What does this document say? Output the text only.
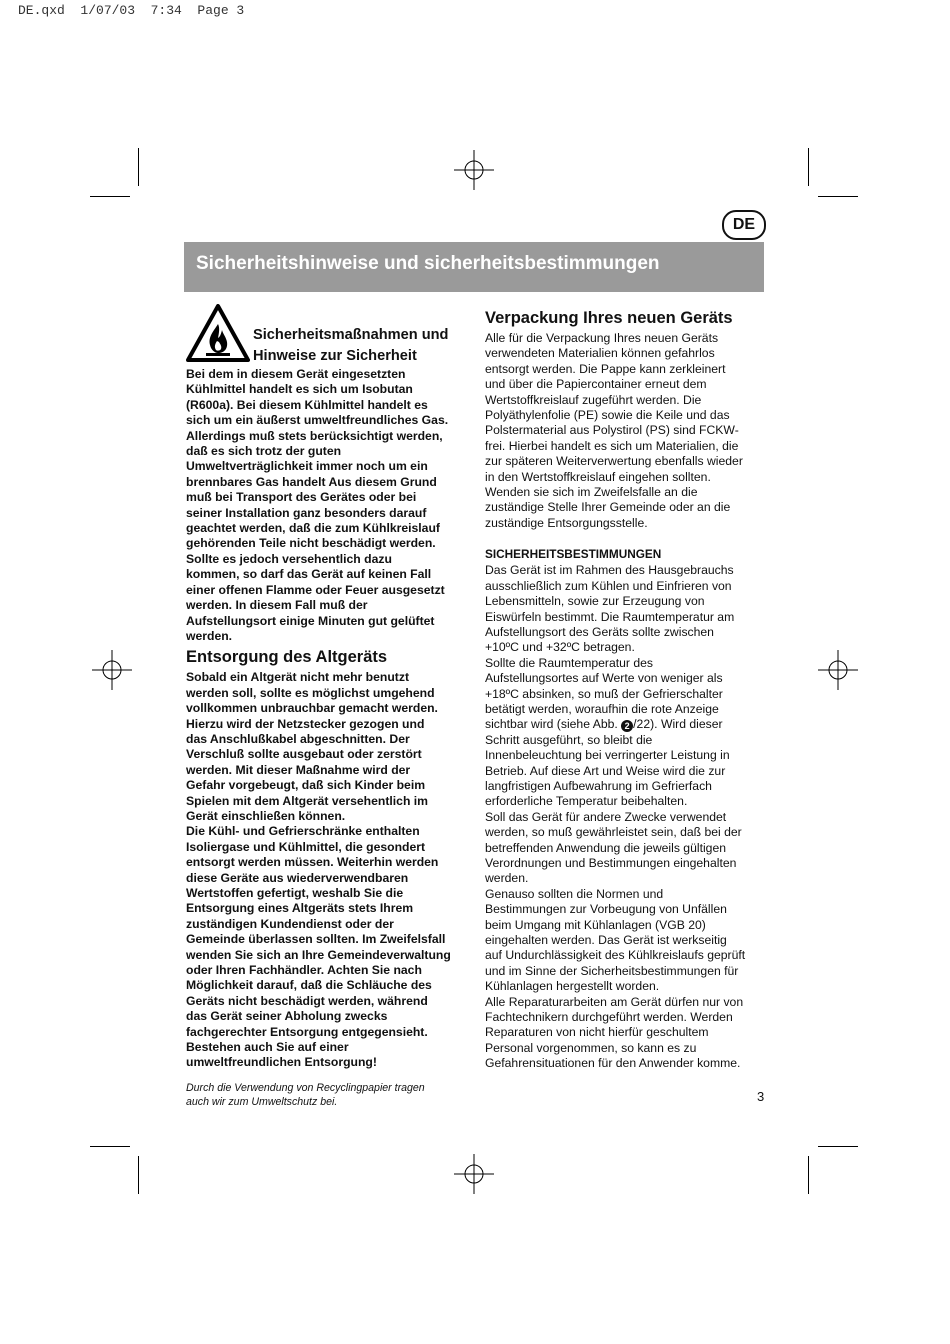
DE.qxd  1/07/03  7:34  Page 3
DE
Sicherheitshinweise und sicherheitsbestimmungen
Sicherheitsmaßnahmen und Hinweise zur Sicherheit

Bei dem in diesem Gerät eingesetzten
Kühlmittel handelt es sich um Isobutan
(R600a). Bei diesem Kühlmittel handelt es
sich um ein äußerst umweltfreundliches Gas.
Allerdings muß stets berücksichtigt werden,
daß es sich trotz der guten
Umweltverträglichkeit immer noch um ein
brennbares Gas handelt Aus diesem Grund
muß bei Transport des Gerätes oder bei
seiner Installation ganz besonders darauf
geachtet werden, daß die zum Kühlkreislauf
gehörenden Teile nicht beschädigt werden.
Sollte es jedoch versehentlich dazu
kommen, so darf das Gerät auf keinen Fall
einer offenen Flamme oder Feuer ausgesetzt
werden. In diesem Fall muß der
Aufstellungsort einige Minuten gut gelüftet
werden.

Entsorgung des Altgeräts

Sobald ein Altgerät nicht mehr benutzt
werden soll, sollte es möglichst umgehend
vollkommen unbrauchbar gemacht werden.
Hierzu wird der Netzstecker gezogen und
das Anschlußkabel abgeschnitten. Der
Verschluß sollte ausgebaut oder zerstört
werden. Mit dieser Maßnahme wird der
Gefahr vorgebeugt, daß sich Kinder beim
Spielen mit dem Altgerät versehentlich im
Gerät einschließen können.
Die Kühl- und Gefrierschränke enthalten
Isoliergase und Kühlmittel, die gesondert
entsorgt werden müssen. Weiterhin werden
diese Geräte aus wiederverwendbaren
Wertstoffen gefertigt, weshalb Sie die
Entsorgung eines Altgeräts stets Ihrem
zuständigen Kundendienst oder der
Gemeinde überlassen sollten. Im Zweifelsfall
wenden Sie sich an Ihre Gemeindeverwaltung
oder Ihren Fachhändler. Achten Sie nach
Möglichkeit darauf, daß die Schläuche des
Geräts nicht beschädigt werden, während
das Gerät seiner Abholung zwecks
fachgerechter Entsorgung entgegensieht.
Bestehen auch Sie auf einer
umweltfreundlichen Entsorgung!

Durch die Verwendung von Recyclingpapier tragen
auch wir zum Umweltschutz bei.
Verpackung Ihres neuen Geräts

Alle für die Verpackung Ihres neuen Geräts
verwendeten Materialien können gefahrlos
entsorgt werden. Die Pappe kann zerkleinert
und über die Papiercontainer erneut dem
Wertstoffkreislauf zugeführt werden. Die
Polyäthylenfolie (PE) sowie die Keile und das
Polstermaterial aus Polystirol (PS) sind FCKW-
frei. Hierbei handelt es sich um Materialien, die
zur späteren Weiterverwertung ebenfalls wieder
in den Wertstoffkreislauf eingehen sollten.
Wenden sie sich im Zweifelsfalle an die
zuständige Stelle Ihrer Gemeinde oder an die
zuständige Entsorgungsstelle.

SICHERHEITSBESTIMMUNGEN

Das Gerät ist im Rahmen des Hausgebrauchs
ausschließlich zum Kühlen und Einfrieren von
Lebensmitteln, sowie zur Erzeugung von
Eiswürfeln bestimmt. Die Raumtemperatur am
Aufstellungsort des Geräts sollte zwischen
+10ºC und +32ºC betragen.
Sollte die Raumtemperatur des
Aufstellungsortes auf Werte von weniger als
+18ºC absinken, so muß der Gefrierschalter
betätigt werden, woraufhin die rote Anzeige
sichtbar wird (siehe Abb. 2 /22). Wird dieser
Schritt ausgeführt, so bleibt die
Innenbeleuchtung bei verringerter Leistung in
Betrieb. Auf diese Art und Weise wird die zur
langfristigen Aufbewahrung im Gefrierfach
erforderliche Temperatur beibehalten.
Soll das Gerät für andere Zwecke verwendet
werden, so muß gewährleistet sein, daß bei der
betreffenden Anwendung die jeweils gültigen
Verordnungen und Bestimmungen eingehalten
werden.
Genauso sollten die Normen und
Bestimmungen zur Vorbeugung von Unfällen
beim Umgang mit Kühlanlagen (VGB 20)
eingehalten werden. Das Gerät ist werkseitig
auf Undurchlässigkeit des Kühlkreislaufs geprüft
und im Sinne der Sicherheitsbestimmungen für
Kühlanlagen hergestellt worden.
Alle Reparaturarbeiten am Gerät dürfen nur von
Fachtechnikern durchgeführt werden. Werden
Reparaturen von nicht hierfür geschultem
Personal vorgenommen, so kann es zu
Gefahrensituationen für den Anwender komme.

3
